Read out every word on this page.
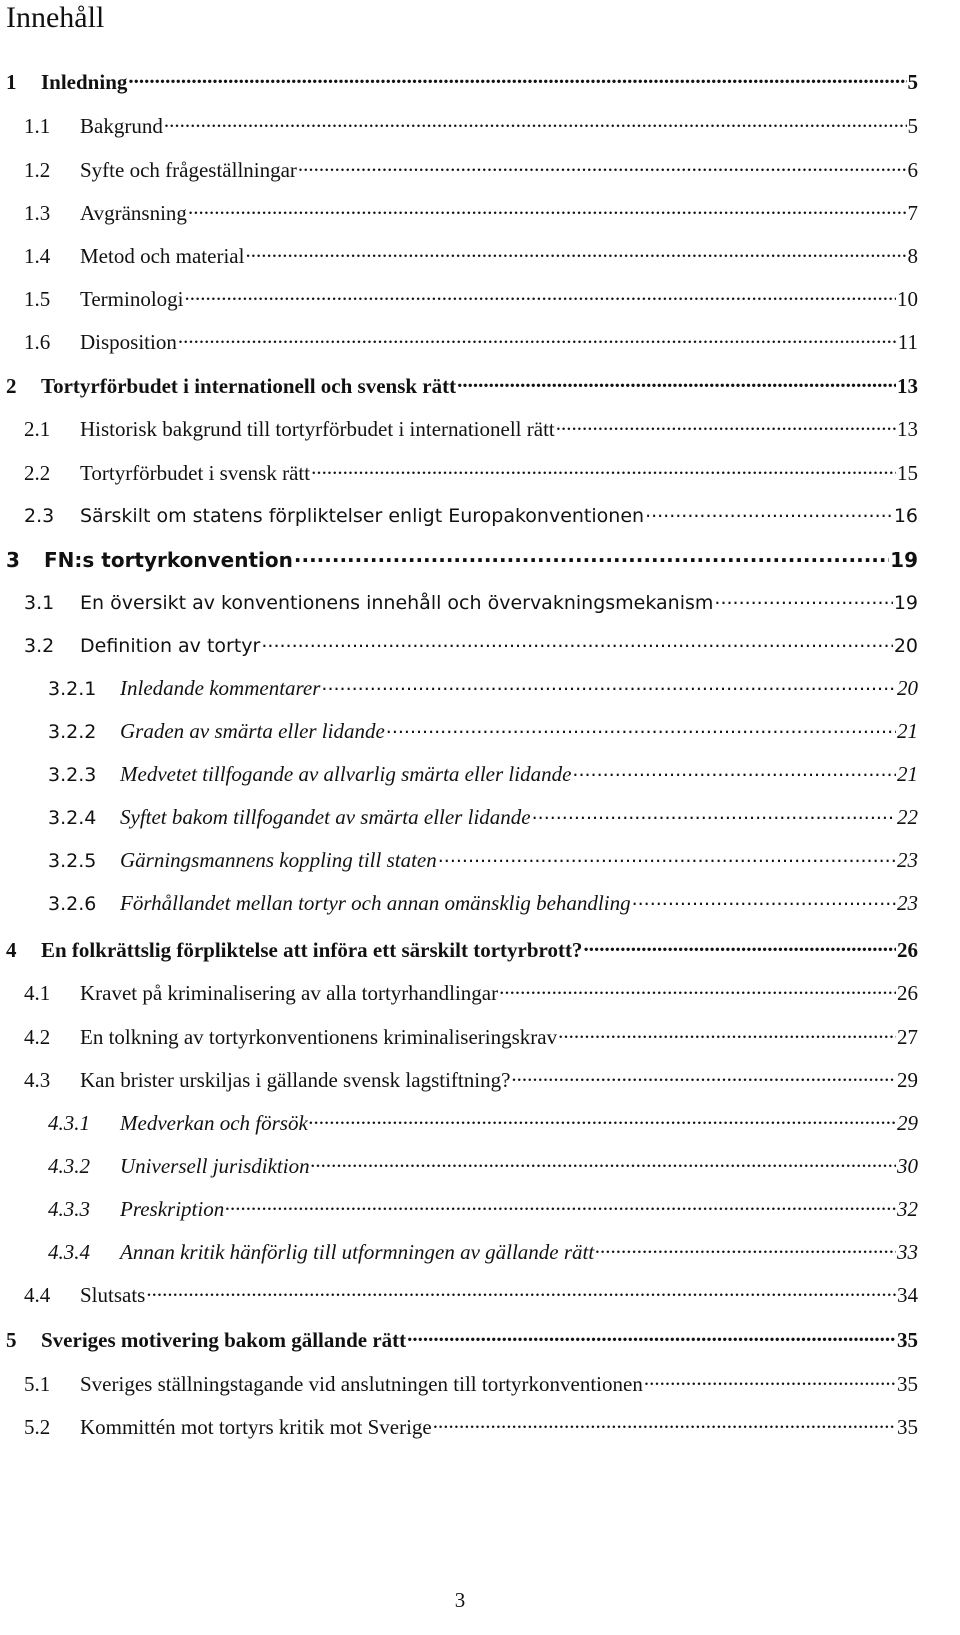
Innehåll
1	Inledning .....	5
1.1	Bakgrund .....	5
1.2	Syfte och frågeställningar .....	6
1.3	Avgränsning .....	7
1.4	Metod och material .....	8
1.5	Terminologi .....	10
1.6	Disposition .....	11
2	Tortyrförbudet i internationell och svensk rätt .....	13
2.1	Historisk bakgrund till tortyrförbudet i internationell rätt .....	13
2.2	Tortyrförbudet i svensk rätt .....	15
2.3	Särskilt om statens förpliktelser enligt Europakonventionen .....	16
3	FN:s tortyrkonvention .....	19
3.1	En översikt av konventionens innehåll och övervakningsmekanism .....	19
3.2	Definition av tortyr .....	20
3.2.1	Inledande kommentarer .....	20
3.2.2	Graden av smärta eller lidande .....	21
3.2.3	Medvetet tillfogande av allvarlig smärta eller lidande .....	21
3.2.4	Syftet bakom tillfogandet av smärta eller lidande .....	22
3.2.5	Gärningsmannens koppling till staten .....	23
3.2.6	Förhållandet mellan tortyr och annan omänsklig behandling .....	23
4	En folkrättslig förpliktelse att införa ett särskilt tortyrbrott? .....	26
4.1	Kravet på kriminalisering av alla tortyrhandlingar .....	26
4.2	En tolkning av tortyrkonventionens kriminaliseringskrav .....	27
4.3	Kan brister urskiljas i gällande svensk lagstiftning? .....	29
4.3.1	Medverkan och försök .....	29
4.3.2	Universell jurisdiktion .....	30
4.3.3	Preskription .....	32
4.3.4	Annan kritik hänförlig till utformningen av gällande rätt .....	33
4.4	Slutsats .....	34
5	Sveriges motivering bakom gällande rätt .....	35
5.1	Sveriges ställningstagande vid anslutningen till tortyrkonventionen .....	35
5.2	Kommittén mot tortyrs kritik mot Sverige .....	35
3
